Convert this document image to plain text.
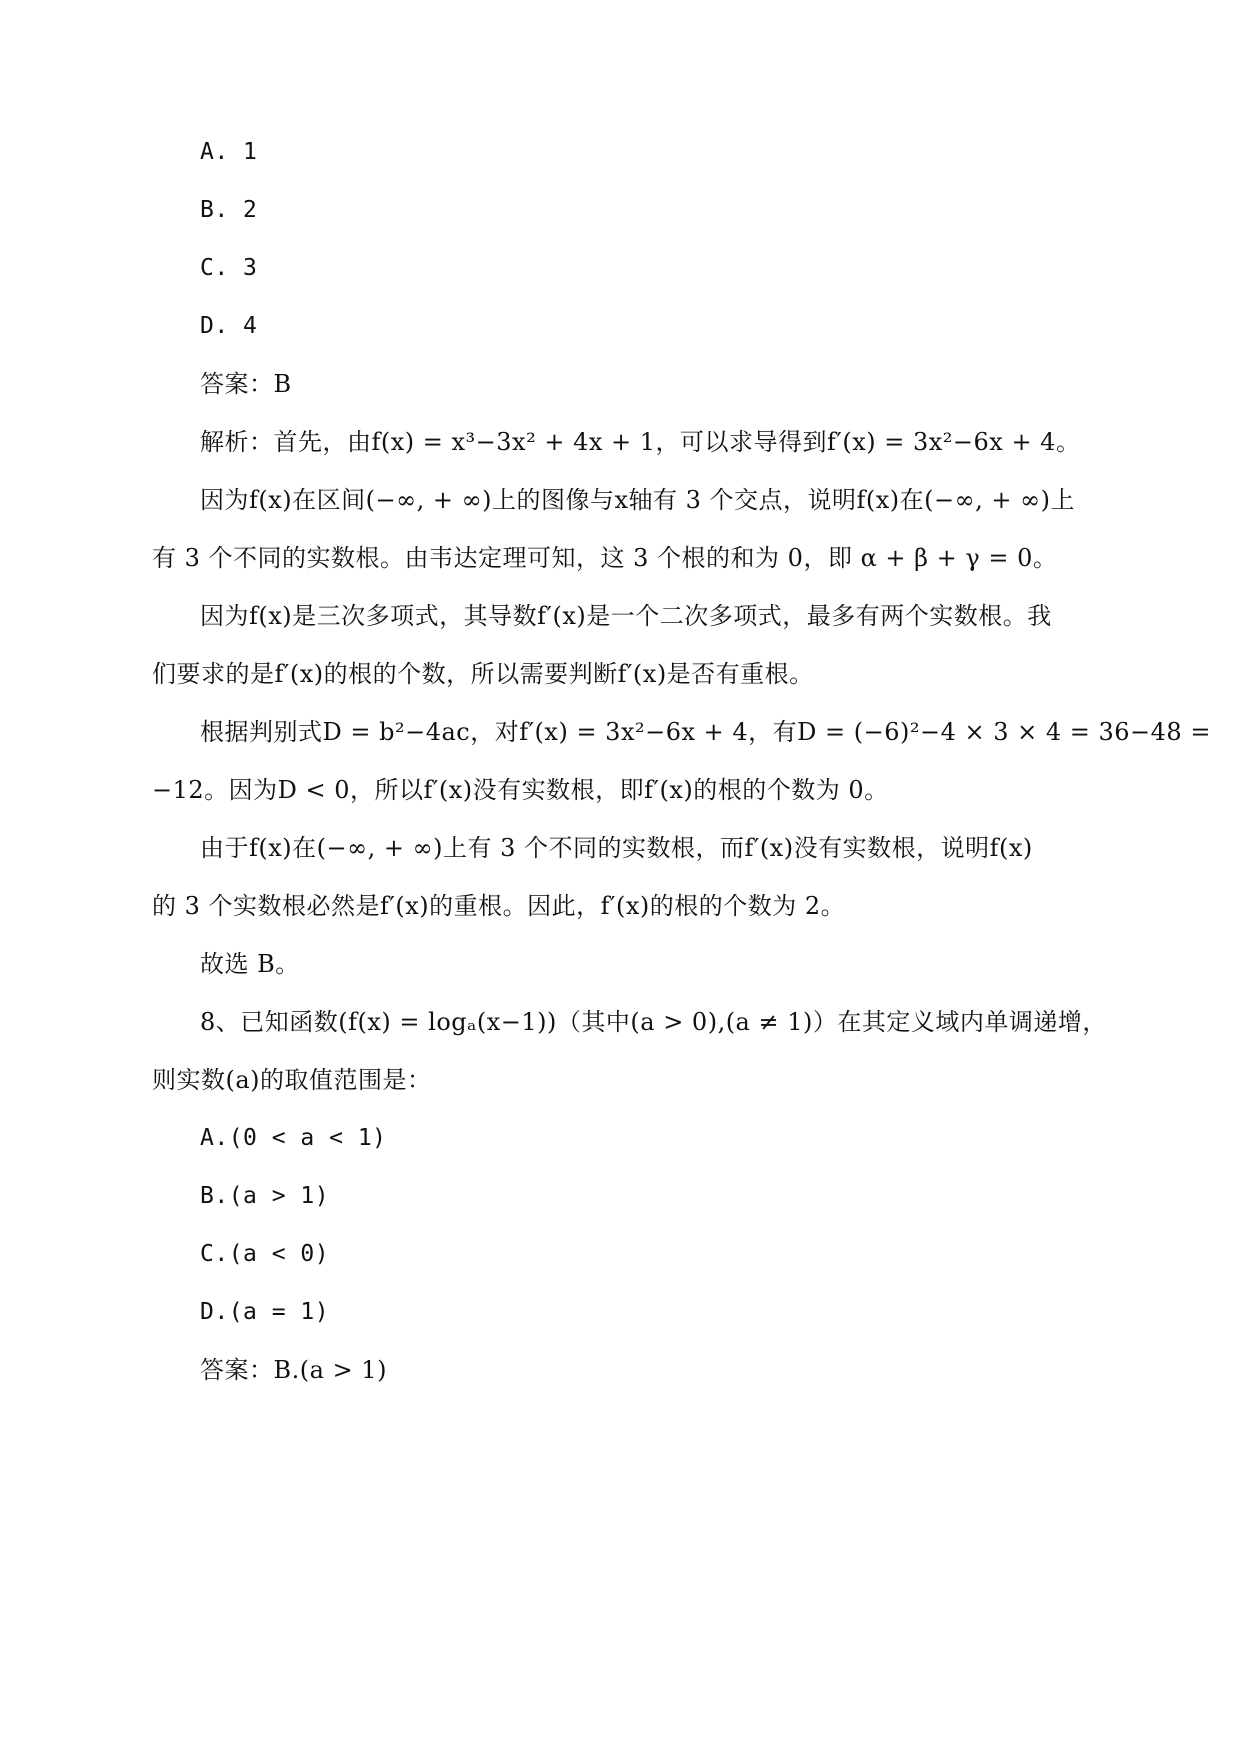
A. 1
B. 2
C. 3
D. 4
答案：B
解析：首先，由f(x) = x³−3x² + 4x + 1，可以求导得到f′(x) = 3x²−6x + 4。
因为f(x)在区间(−∞, + ∞)上的图像与x轴有 3 个交点，说明f(x)在(−∞, + ∞)上
有 3 个不同的实数根。由韦达定理可知，这 3 个根的和为 0，即 α + β + γ = 0。
因为f(x)是三次多项式，其导数f′(x)是一个二次多项式，最多有两个实数根。我
们要求的是f′(x)的根的个数，所以需要判断f′(x)是否有重根。
根据判别式D = b²−4ac，对f′(x) = 3x²−6x + 4，有D = (−6)²−4 × 3 × 4 = 36−48 =
−12。因为D < 0，所以f′(x)没有实数根，即f′(x)的根的个数为 0。
由于f(x)在(−∞, + ∞)上有 3 个不同的实数根，而f′(x)没有实数根，说明f(x)
的 3 个实数根必然是f′(x)的重根。因此，f′(x)的根的个数为 2。
故选 B。
8、已知函数(f(x) = logₐ(x−1))（其中(a > 0),(a ≠ 1)）在其定义域内单调递增，
则实数(a)的取值范围是：
A.(0 < a < 1)
B.(a > 1)
C.(a < 0)
D.(a = 1)
答案：B.(a > 1)
